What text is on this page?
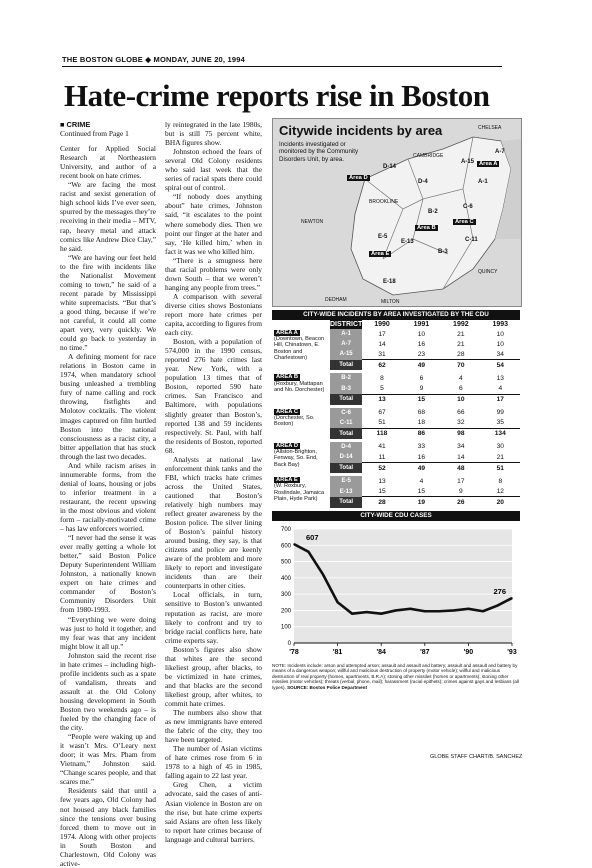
THE BOSTON GLOBE ◆ MONDAY, JUNE 20, 1994
Hate-crime reports rise in Boston
■ CRIME
Continued from Page 1

Center for Applied Social Research at Northeastern University, and author of a recent book on hate crimes.

“We are facing the most racist and sexist generation of high school kids I’ve ever seen, spurred by the messages they’re receiving in their media – MTV, rap, heavy metal and attack comics like Andrew Dice Clay,” he said.

“We are having our feet held to the fire with incidents like the Nationalist Movement coming to town,” he said of a recent parade by Mississippi white supremacists. “But that’s a good thing, because if we’re not careful, it could all come apart very, very quickly. We could go back to yesterday in no time.”

A defining moment for race relations in Boston came in 1974, when mandatory school busing unleashed a trembling fury of name calling and rock throwing, fistfights and Molotov cocktails. The violent images captured on film hurtled Boston into the national consciousness as a racist city, a bitter appellation that has stuck through the last two decades.

And while racism arises in innumerable forms, from the denial of loans, housing or jobs to inferior treatment in a restaurant, the recent upswing in the most obvious and violent form – racially-motivated crime – has law enforcers worried.

“I never had the sense it was ever really getting a whole lot better,” said Boston Police Deputy Superintendent William Johnston, a nationally known expert on hate crimes and commander of Boston’s Community Disorders Unit from 1980-1993.

“Everything we were doing was just to hold it together, and my fear was that any incident might blow it all up.”

Johnston said the recent rise in hate crimes – including high-profile incidents such as a spate of vandalism, threats and assault at the Old Colony housing development in South Boston two weekends ago – is fueled by the changing face of the city.

“People were waking up and it wasn’t Mrs. O’Leary next door; it was Mrs. Pham from Vietnam,” Johnston said. “Change scares people, and that scares me.”

Residents said that until a few years ago, Old Colony had not housed any black families since the tensions over busing forced them to move out in 1974. Along with other projects in South Boston and Charlestown, Old Colony was active-

ly reintegrated in the late 1980s, but is still 75 percent white, BHA figures show.

Johnston echoed the fears of several Old Colony residents who said last week that the series of racial spats there could spiral out of control.

“If nobody does anything about” hate crimes, Johnston said, “it escalates to the point where somebody dies. Then we point our finger at the hater and say, ‘He killed him,’ when in fact it was we who killed him.

“There is a smugness here that racial problems were only down South – that we weren’t hanging any people from trees.”

A comparison with several diverse cities shows Bostonians report more hate crimes per capita, according to figures from each city.

Boston, with a population of 574,000 in the 1990 census, reported 276 hate crimes last year. New York, with a population 13 times that of Boston, reported 590 hate crimes. San Francisco and Baltimore, with populations slightly greater than Boston’s, reported 138 and 59 incidents respectively. St. Paul, with half the residents of Boston, reported 68.

Analysts at national law enforcement think tanks and the FBI, which tracks hate crimes across the United States, cautioned that Boston’s relatively high numbers may reflect greater awareness by the Boston police. The silver lining of Boston’s painful history around busing, they say, is that citizens and police are keenly aware of the problem and more likely to report and investigate incidents than are their counterparts in other cities.

Local officials, in turn, sensitive to Boston’s unwanted reputation as racist, are more likely to confront and try to bridge racial conflicts here, hate crime experts say.

Boston’s figures also show that whites are the second likeliest group, after blacks, to be victimized in hate crimes, and that blacks are the second likeliest group, after whites, to commit hate crimes.

The numbers also show that as new immigrants have entered the fabric of the city, they too have been targeted.

The number of Asian victims of hate crimes rose from 6 in 1978 to a high of 45 in 1985, falling again to 22 last year.

Greg Chen, a victim advocate, said the cases of anti-Asian violence in Boston are on the rise, but hate crime experts said Asians are often less likely to report hate crimes because of language and cultural barriers.

Citywide incidents by area
Incidents investigated or monitored by the Community Disorders Unit, by area.	A-15
A-7
A-1
D-14
D-4
C-6
B-2
B-3
E-5
E-13	C-11
E-18
CHELSEA
CAMBRIDGE
BROOKLINE
NEWTON
QUINCY
DEDHAM	MILTON
Area A
Area D
Area B
Area C
Area E
CITY-WIDE INCIDENTS BY AREA INVESTIGATED BY THE CDU
	DISTRICT	1990	1991	1992	1993
AREA A
(Downtown, Beacon Hill, Chinatown, E. Boston and Charlestown)	A-1	17	10	21	10
	A-7	14	16	21	10
	A-15	31	23	28	34
	Total	62	49	70	54

AREA B
(Roxbury, Mattapan and No. Dorchester)	B-2	8	6	4	13
	B-3	5	9	6	4
	Total	13	15	10	17

AREA C
(Dorchester, So. Boston)	C-6	67	68	66	99
	C-11	51	18	32	35
	Total	118	86	98	134

AREA D
(Allston-Brighton, Fenway, So. End, Back Bay)	D-4	41	33	34	30
	D-14	11	16	14	21
	Total	52	49	48	51

AREA E
(W. Roxbury, Roslindale, Jamaica Plain, Hyde Park)	E-5	13	4	17	8
	E-13	15	15	9	12
	Total	28	19	26	20
CITY-WIDE CDU CASES
0
100
200
300
400
500
600
700
'78	'81	'84	'87	'90	'93
607
276
NOTE: Incidents include: arson and attempted arson; assault and assault and battery; assault and assault and battery by means of a dangerous weapon; willful and malicious destruction of property (motor vehicle); willful and malicious destruction of real property (homes, apartments, B.R.A); stoning other missiles (homes or apartments); stoning other missiles (motor vehicles); threats (verbal, phone, mail); harassment (racial epithets); crimes against gays and lesbians (all types). SOURCE: Boston Police Department
GLOBE STAFF CHART/B. SANCHEZ
